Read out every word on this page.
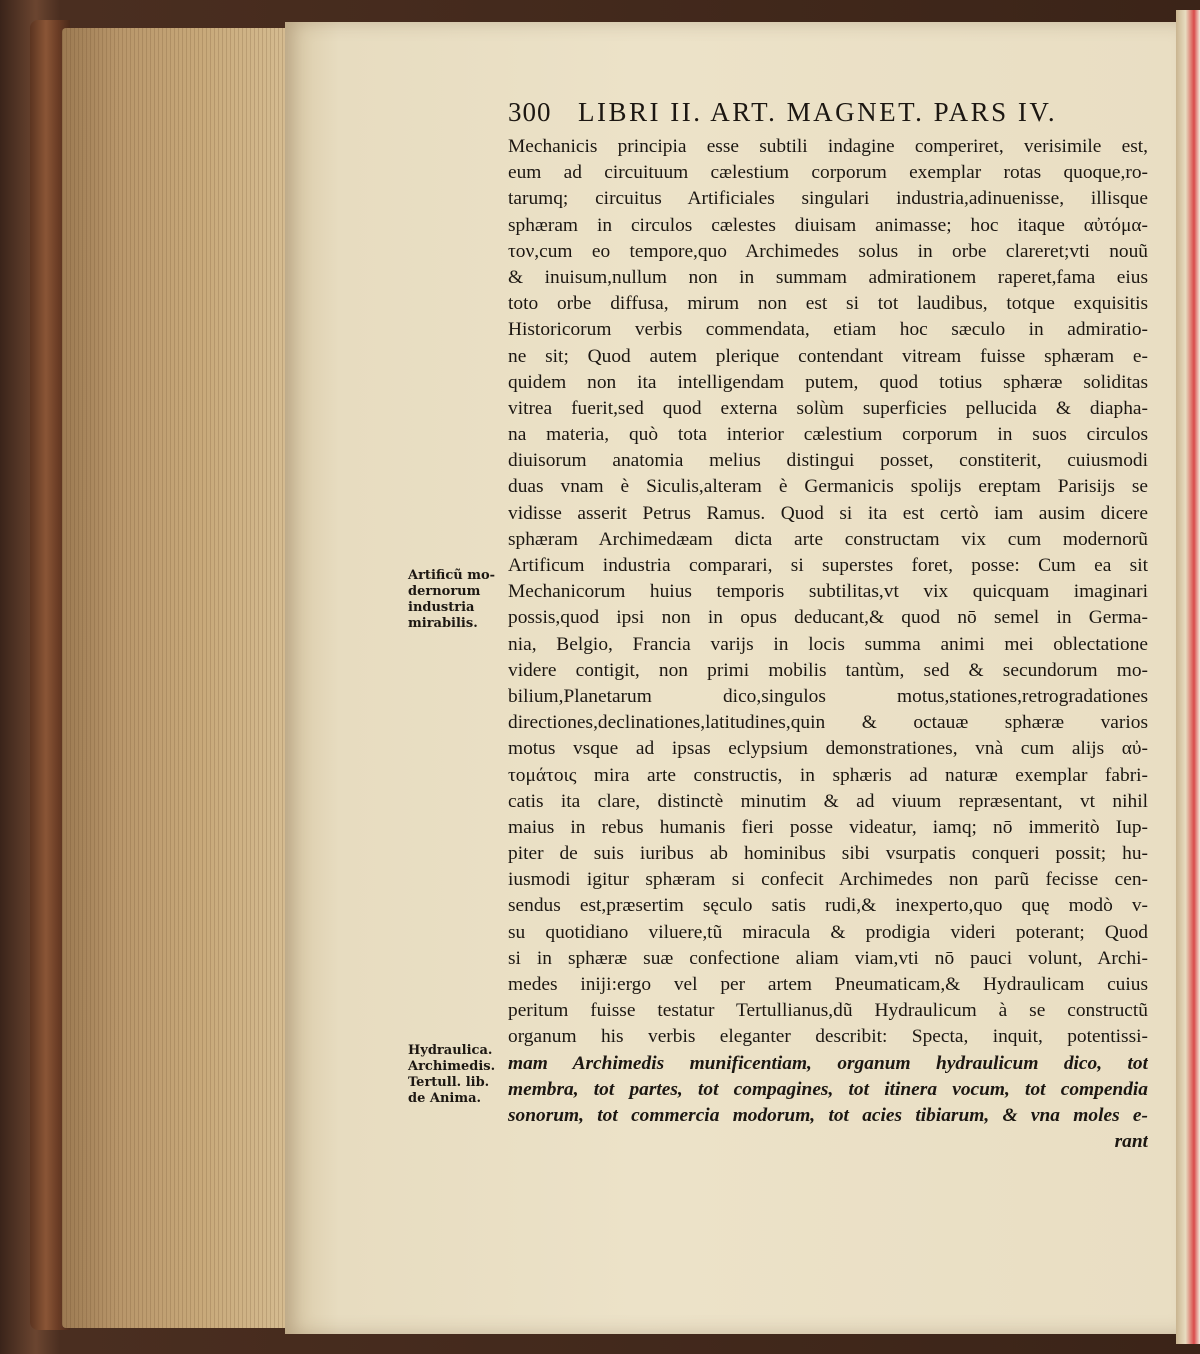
300 LIBRI II. ART. MAGNET. PARS IV.
Mechanicis principia esse subtili indagine comperiret, verisimile est,
eum ad circuituum cælestium corporum exemplar rotas quoque,ro-
tarumq; circuitus Artificiales singulari industria,adinuenisse, illisque
sphæram in circulos cælestes diuisam animasse; hoc itaque αὐτόμα-
τον,cum eo tempore,quo Archimedes solus in orbe clareret;vti nouũ
& inuisum,nullum non in summam admirationem raperet,fama eius
toto orbe diffusa, mirum non est si tot laudibus, totque exquisitis
Historicorum verbis commendata, etiam hoc sæculo in admiratio-
ne sit; Quod autem plerique contendant vitream fuisse sphæram e-
quidem non ita intelligendam putem, quod totius sphæræ soliditas
vitrea fuerit,sed quod externa solùm superficies pellucida & diapha-
na materia, quò tota interior cælestium corporum in suos circulos
diuisorum anatomia melius distingui posset, constiterit, cuiusmodi
duas vnam è Siculis,alteram è Germanicis spolijs ereptam Parisijs se
vidisse asserit Petrus Ramus. Quod si ita est certò iam ausim dicere
sphæram Archimedæam dicta arte constructam vix cum modernorũ
Artificum industria comparari, si superstes foret, posse: Cum ea sit
Mechanicorum huius temporis subtilitas,vt vix quicquam imaginari
possis,quod ipsi non in opus deducant,& quod nō semel in Germa-
nia, Belgio, Francia varijs in locis summa animi mei oblectatione
videre contigit, non primi mobilis tantùm, sed & secundorum mo-
bilium,Planetarum dico,singulos motus,stationes,retrogradationes
directiones,declinationes,latitudines,quin & octauæ sphæræ varios
motus vsque ad ipsas eclypsium demonstrationes, vnà cum alijs αὐ-
τομάτοις mira arte constructis, in sphæris ad naturæ exemplar fabri-
catis ita clare, distinctè minutim & ad viuum repræsentant, vt nihil
maius in rebus humanis fieri posse videatur, iamq; nō immeritò Iup-
piter de suis iuribus ab hominibus sibi vsurpatis conqueri possit; hu-
iusmodi igitur sphæram si confecit Archimedes non parũ fecisse cen-
sendus est,præsertim sęculo satis rudi,& inexperto,quo quę modò v-
su quotidiano viluere,tũ miracula & prodigia videri poterant; Quod
si in sphæræ suæ confectione aliam viam,vti nō pauci volunt, Archi-
medes iniji:ergo vel per artem Pneumaticam,& Hydraulicam cuius
peritum fuisse testatur Tertullianus,dũ Hydraulicum à se constructũ
organum his verbis eleganter describit: Specta, inquit, potentissi-
mam Archimedis munificentiam, organum hydraulicum dico, tot
membra, tot partes, tot compagines, tot itinera vocum, tot compendia
sonorum, tot commercia modorum, tot acies tibiarum, & vna moles e-
rant
Artificũ mo-
dernorum
industria
mirabilis.
Hydraulica.
Archimedis.
Tertull. lib.
de Anima.
